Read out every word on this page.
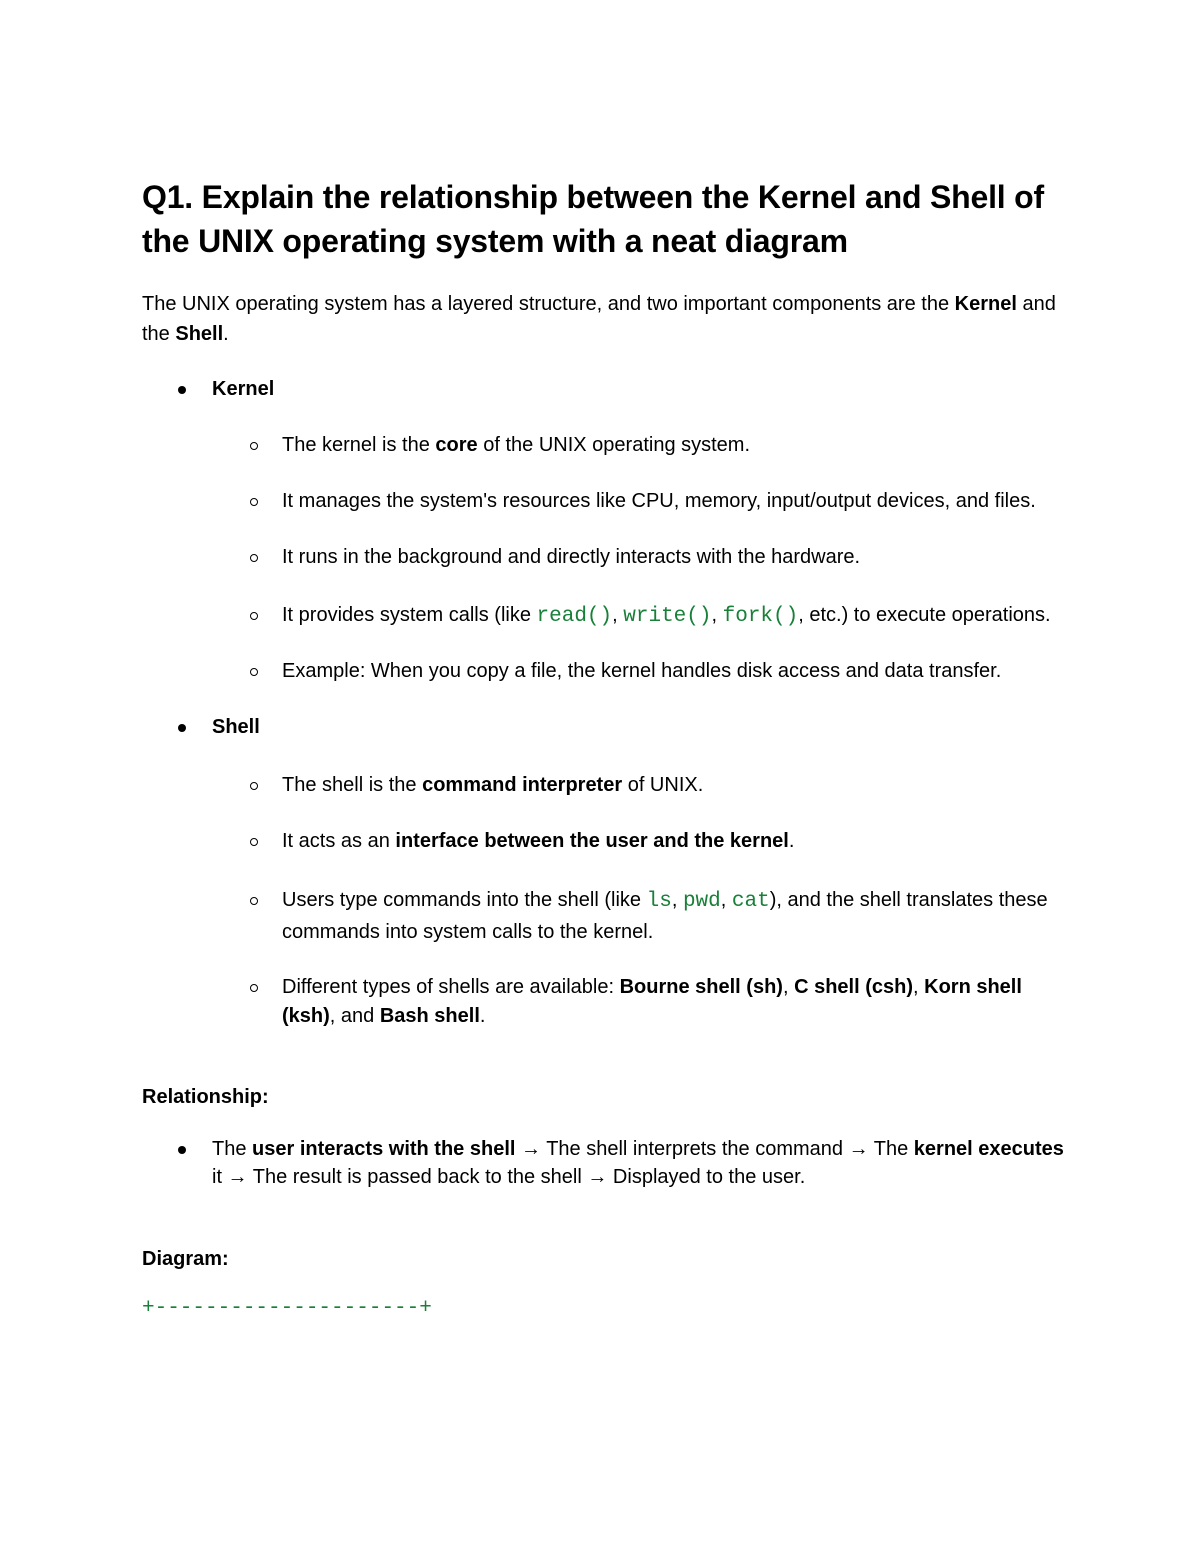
Q1. Explain the relationship between the Kernel and Shell of the UNIX operating system with a neat diagram

The UNIX operating system has a layered structure, and two important components are the Kernel and the Shell.

Kernel
The kernel is the core of the UNIX operating system.
It manages the system's resources like CPU, memory, input/output devices, and files.
It runs in the background and directly interacts with the hardware.
It provides system calls (like read(), write(), fork(), etc.) to execute operations.
Example: When you copy a file, the kernel handles disk access and data transfer.
Shell
The shell is the command interpreter of UNIX.
It acts as an interface between the user and the kernel.
Users type commands into the shell (like ls, pwd, cat), and the shell translates these commands into system calls to the kernel.
Different types of shells are available: Bourne shell (sh), C shell (csh), Korn shell (ksh), and Bash shell.

Relationship:

The user interacts with the shell → The shell interprets the command → The kernel executes it → The result is passed back to the shell → Displayed to the user.

Diagram:

+---------------------+
